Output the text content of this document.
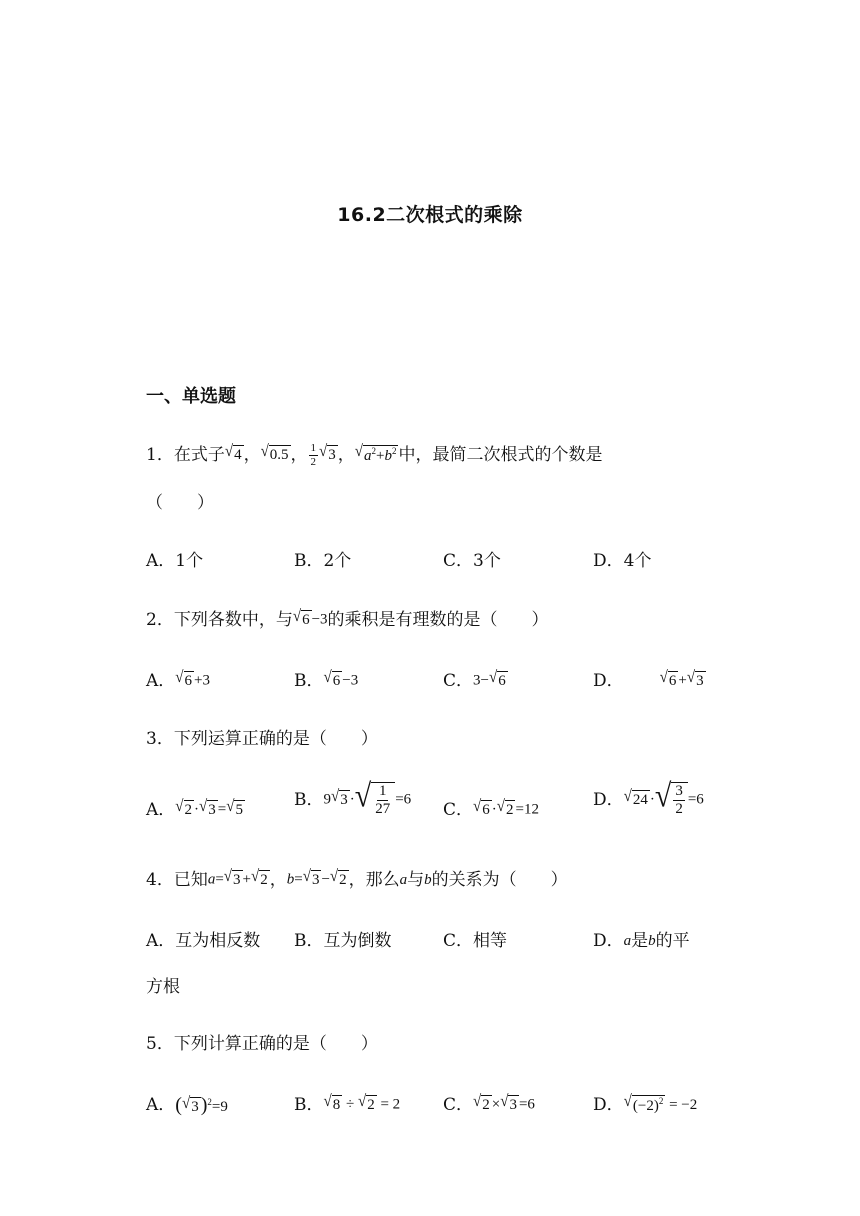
16.2二次根式的乘除
一、单选题
1．在式子 √ 4 ， √ 0.5 ， $\frac{1}{2}$ √ 3 ， √ $a^2+b^2$ 中，最简二次根式的个数是
（　　）
A．1个	B．2个	C．3个	D．4个
2．下列各数中，与 √ 6 −3的乘积是有理数的是（　　）
A． √ 6 +3	B． √ 6 −3	C．3− √ 6	D． √ 6 + √ 3
3．下列运算正确的是（　　）
A． √ 2 · √ 3 = √ 5
B．9 √ 3 · √ $\frac{1}{27} =6$
C． √ 6 · √ 2 =12
D． √ 24 · √ $\frac{3}{2} =6$
4．已知a= √ 3 + √ 2 ，b= √ 3 − √ 2 ，那么a与b的关系为（　　）
A．互为相反数 B．互为倒数	C．相等	D．a是b的平
方根
5．下列计算正确的是（　　）
A．( √ 3 )$^2$=9	B． √ 8 ÷ √ 2 = 2	C． √ 2 × √ 3 =6	D． √ $(-2)^2 = -2$
